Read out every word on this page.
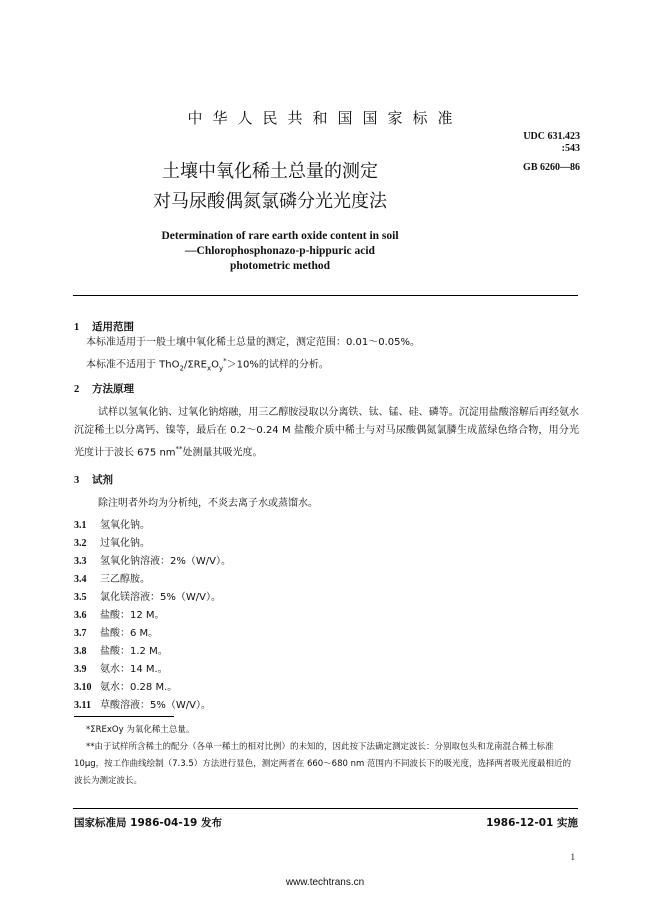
中华人民共和国国家标准
UDC 631.423
:543
GB 6260—86
土壤中氧化稀土总量的测定
对马尿酸偶氮氯磷分光光度法
Determination of rare earth oxide content in soil
—Chlorophosphonazo-p-hippuric acid
photometric method
1 适用范围
本标准适用于一般土壤中氧化稀土总量的测定，测定范围：0.01～0.05%。
本标准不适用于 $ThO_2/\Sigma RE_xO_y^*>10\%$的试样的分析。
2 方法原理
试样以氢氧化钠、过氧化钠熔融，用三乙醇胺浸取以分离铁、钛、锰、硅、磷等。沉淀用盐酸溶解后再经氨水沉淀稀土以分离钙、镍等，最后在 0.2～0.24 M 盐酸介质中稀土与对马尿酸偶氮氯膦生成蓝绿色络合物，用分光光度计于波长 675 nm**处测量其吸光度。
3 试剂
除注明者外均为分析纯，不炎去离子水或蒸馏水。
3.1 氢氧化钠。
3.2 过氧化钠。
3.3 氢氧化钠溶液：2%（W/V）。
3.4 三乙醇胺。
3.5 氯化镁溶液：5%（W/V）。
3.6 盐酸：12 M。
3.7 盐酸：6 M。
3.8 盐酸：1.2 M。
3.9 氨水：14 M.。
3.10 氨水：0.28 M.。
3.11 草酸溶液：5%（W/V）。
*ΣRExOy 为氧化稀土总量。
**由于试样所含稀土的配分（各单一稀土的相对比例）的未知的，因此按下法确定测定波长：分别取包头和龙南混合稀土标准 10μg，按工作曲线绘制（7.3.5）方法进行显色，测定两者在 660～680 nm 范围内不同波长下的吸光度，选择两者吸光度最相近的波长为测定波长。
国家标准局 1986-04-19 发布	1986-12-01 实施
1
www.techtrans.cn
